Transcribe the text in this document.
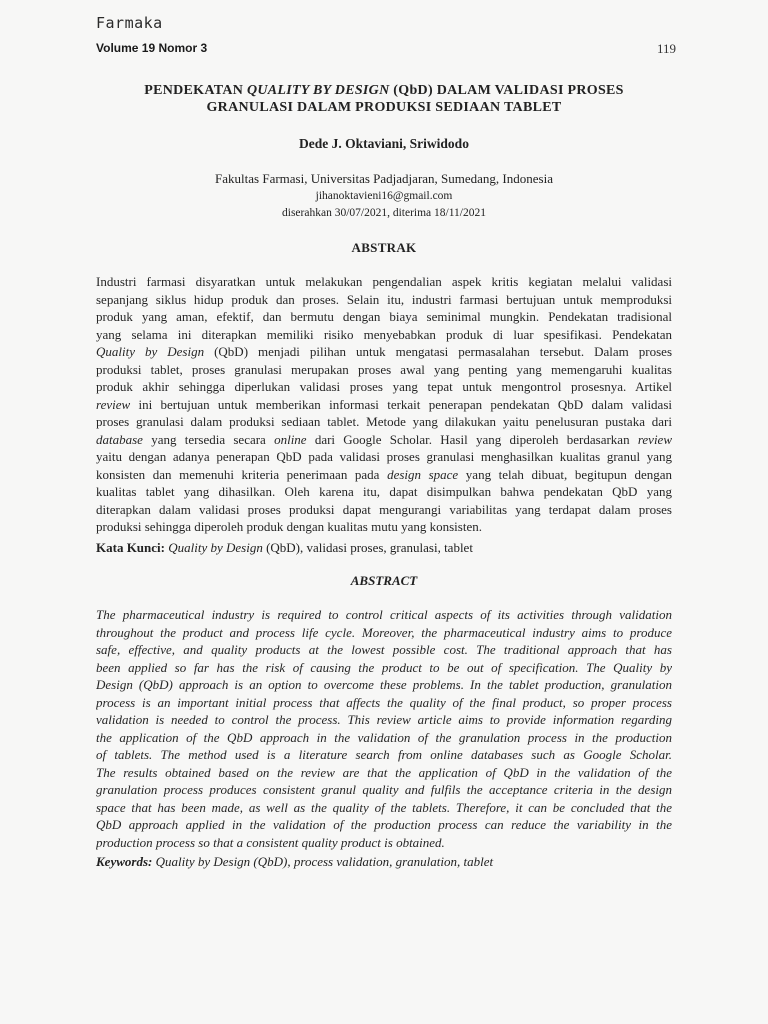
Farmaka
Volume 19 Nomor 3	119
PENDEKATAN QUALITY BY DESIGN (QbD) DALAM VALIDASI PROSES
GRANULASI DALAM PRODUKSI SEDIAAN TABLET
Dede J. Oktaviani, Sriwidodo
Fakultas Farmasi, Universitas Padjadjaran, Sumedang, Indonesia
jihanoktavieni16@gmail.com
diserahkan 30/07/2021, diterima 18/11/2021
ABSTRAK
Industri farmasi disyaratkan untuk melakukan pengendalian aspek kritis kegiatan melalui validasi
sepanjang siklus hidup produk dan proses. Selain itu, industri farmasi bertujuan untuk memproduksi
produk yang aman, efektif, dan bermutu dengan biaya seminimal mungkin. Pendekatan tradisional
yang selama ini diterapkan memiliki risiko menyebabkan produk di luar spesifikasi. Pendekatan
Quality by Design (QbD) menjadi pilihan untuk mengatasi permasalahan tersebut. Dalam proses
produksi tablet, proses granulasi merupakan proses awal yang penting yang memengaruhi kualitas
produk akhir sehingga diperlukan validasi proses yang tepat untuk mengontrol prosesnya. Artikel
review ini bertujuan untuk memberikan informasi terkait penerapan pendekatan QbD dalam validasi
proses granulasi dalam produksi sediaan tablet. Metode yang dilakukan yaitu penelusuran pustaka dari
database yang tersedia secara online dari Google Scholar. Hasil yang diperoleh berdasarkan review
yaitu dengan adanya penerapan QbD pada validasi proses granulasi menghasilkan kualitas granul yang
konsisten dan memenuhi kriteria penerimaan pada design space yang telah dibuat, begitupun dengan
kualitas tablet yang dihasilkan. Oleh karena itu, dapat disimpulkan bahwa pendekatan QbD yang
diterapkan dalam validasi proses produksi dapat mengurangi variabilitas yang terdapat dalam proses
produksi sehingga diperoleh produk dengan kualitas mutu yang konsisten.
Kata Kunci: Quality by Design (QbD), validasi proses, granulasi, tablet
ABSTRACT
The pharmaceutical industry is required to control critical aspects of its activities through validation
throughout the product and process life cycle. Moreover, the pharmaceutical industry aims to produce
safe, effective, and quality products at the lowest possible cost. The traditional approach that has
been applied so far has the risk of causing the product to be out of specification. The Quality by
Design (QbD) approach is an option to overcome these problems. In the tablet production, granulation
process is an important initial process that affects the quality of the final product, so proper process
validation is needed to control the process. This review article aims to provide information regarding
the application of the QbD approach in the validation of the granulation process in the production
of tablets. The method used is a literature search from online databases such as Google Scholar.
The results obtained based on the review are that the application of QbD in the validation of the
granulation process produces consistent granul quality and fulfils the acceptance criteria in the design
space that has been made, as well as the quality of the tablets. Therefore, it can be concluded that the
QbD approach applied in the validation of the production process can reduce the variability in the
production process so that a consistent quality product is obtained.
Keywords: Quality by Design (QbD), process validation, granulation, tablet
